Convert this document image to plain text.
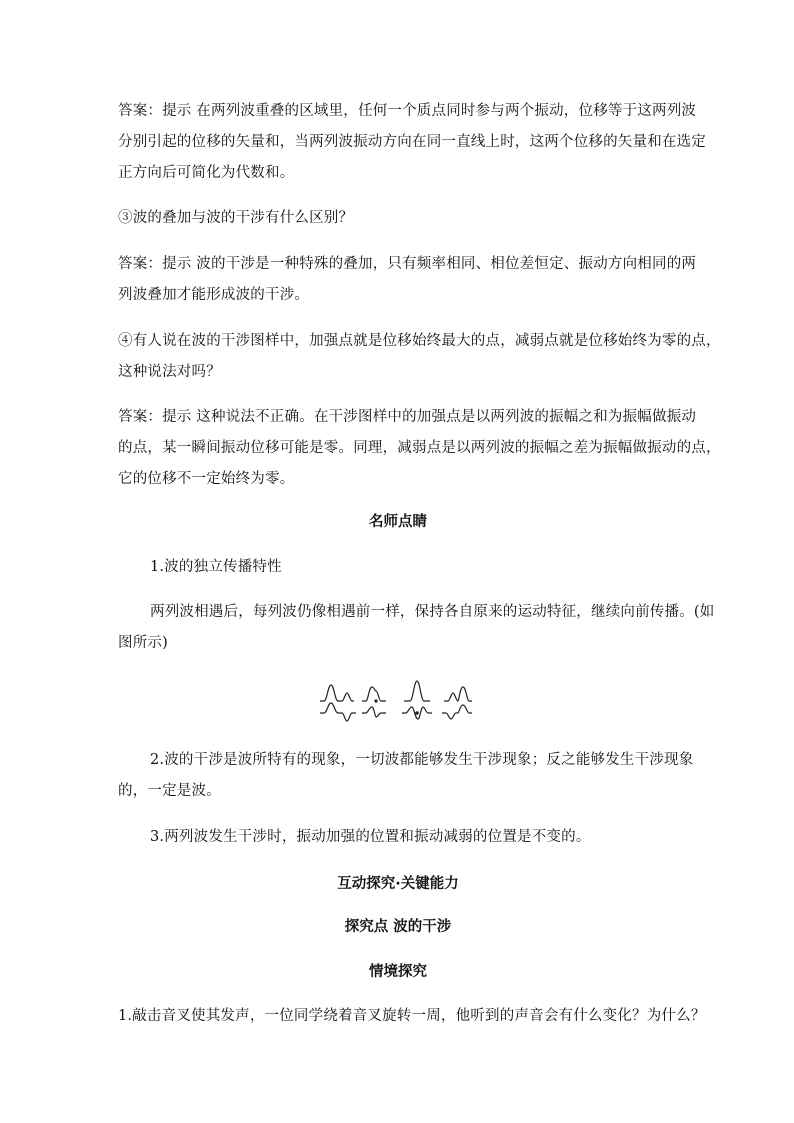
答案：提示 在两列波重叠的区域里，任何一个质点同时参与两个振动，位移等于这两列波
分别引起的位移的矢量和，当两列波振动方向在同一直线上时，这两个位移的矢量和在选定
正方向后可简化为代数和。

③波的叠加与波的干涉有什么区别？

答案：提示 波的干涉是一种特殊的叠加，只有频率相同、相位差恒定、振动方向相同的两
列波叠加才能形成波的干涉。

④有人说在波的干涉图样中，加强点就是位移始终最大的点，减弱点就是位移始终为零的点，
这种说法对吗？

答案：提示 这种说法不正确。在干涉图样中的加强点是以两列波的振幅之和为振幅做振动
的点，某一瞬间振动位移可能是零。同理，减弱点是以两列波的振幅之差为振幅做振动的点，
它的位移不一定始终为零。

名师点睛

1.波的独立传播特性

两列波相遇后，每列波仍像相遇前一样，保持各自原来的运动特征，继续向前传播。(如
图所示)

2.波的干涉是波所特有的现象，一切波都能够发生干涉现象；反之能够发生干涉现象

的，一定是波。

3.两列波发生干涉时，振动加强的位置和振动减弱的位置是不变的。

互动探究·关键能力
探究点 波的干涉
情境探究

1.敲击音叉使其发声，一位同学绕着音叉旋转一周，他听到的声音会有什么变化？为什么？
